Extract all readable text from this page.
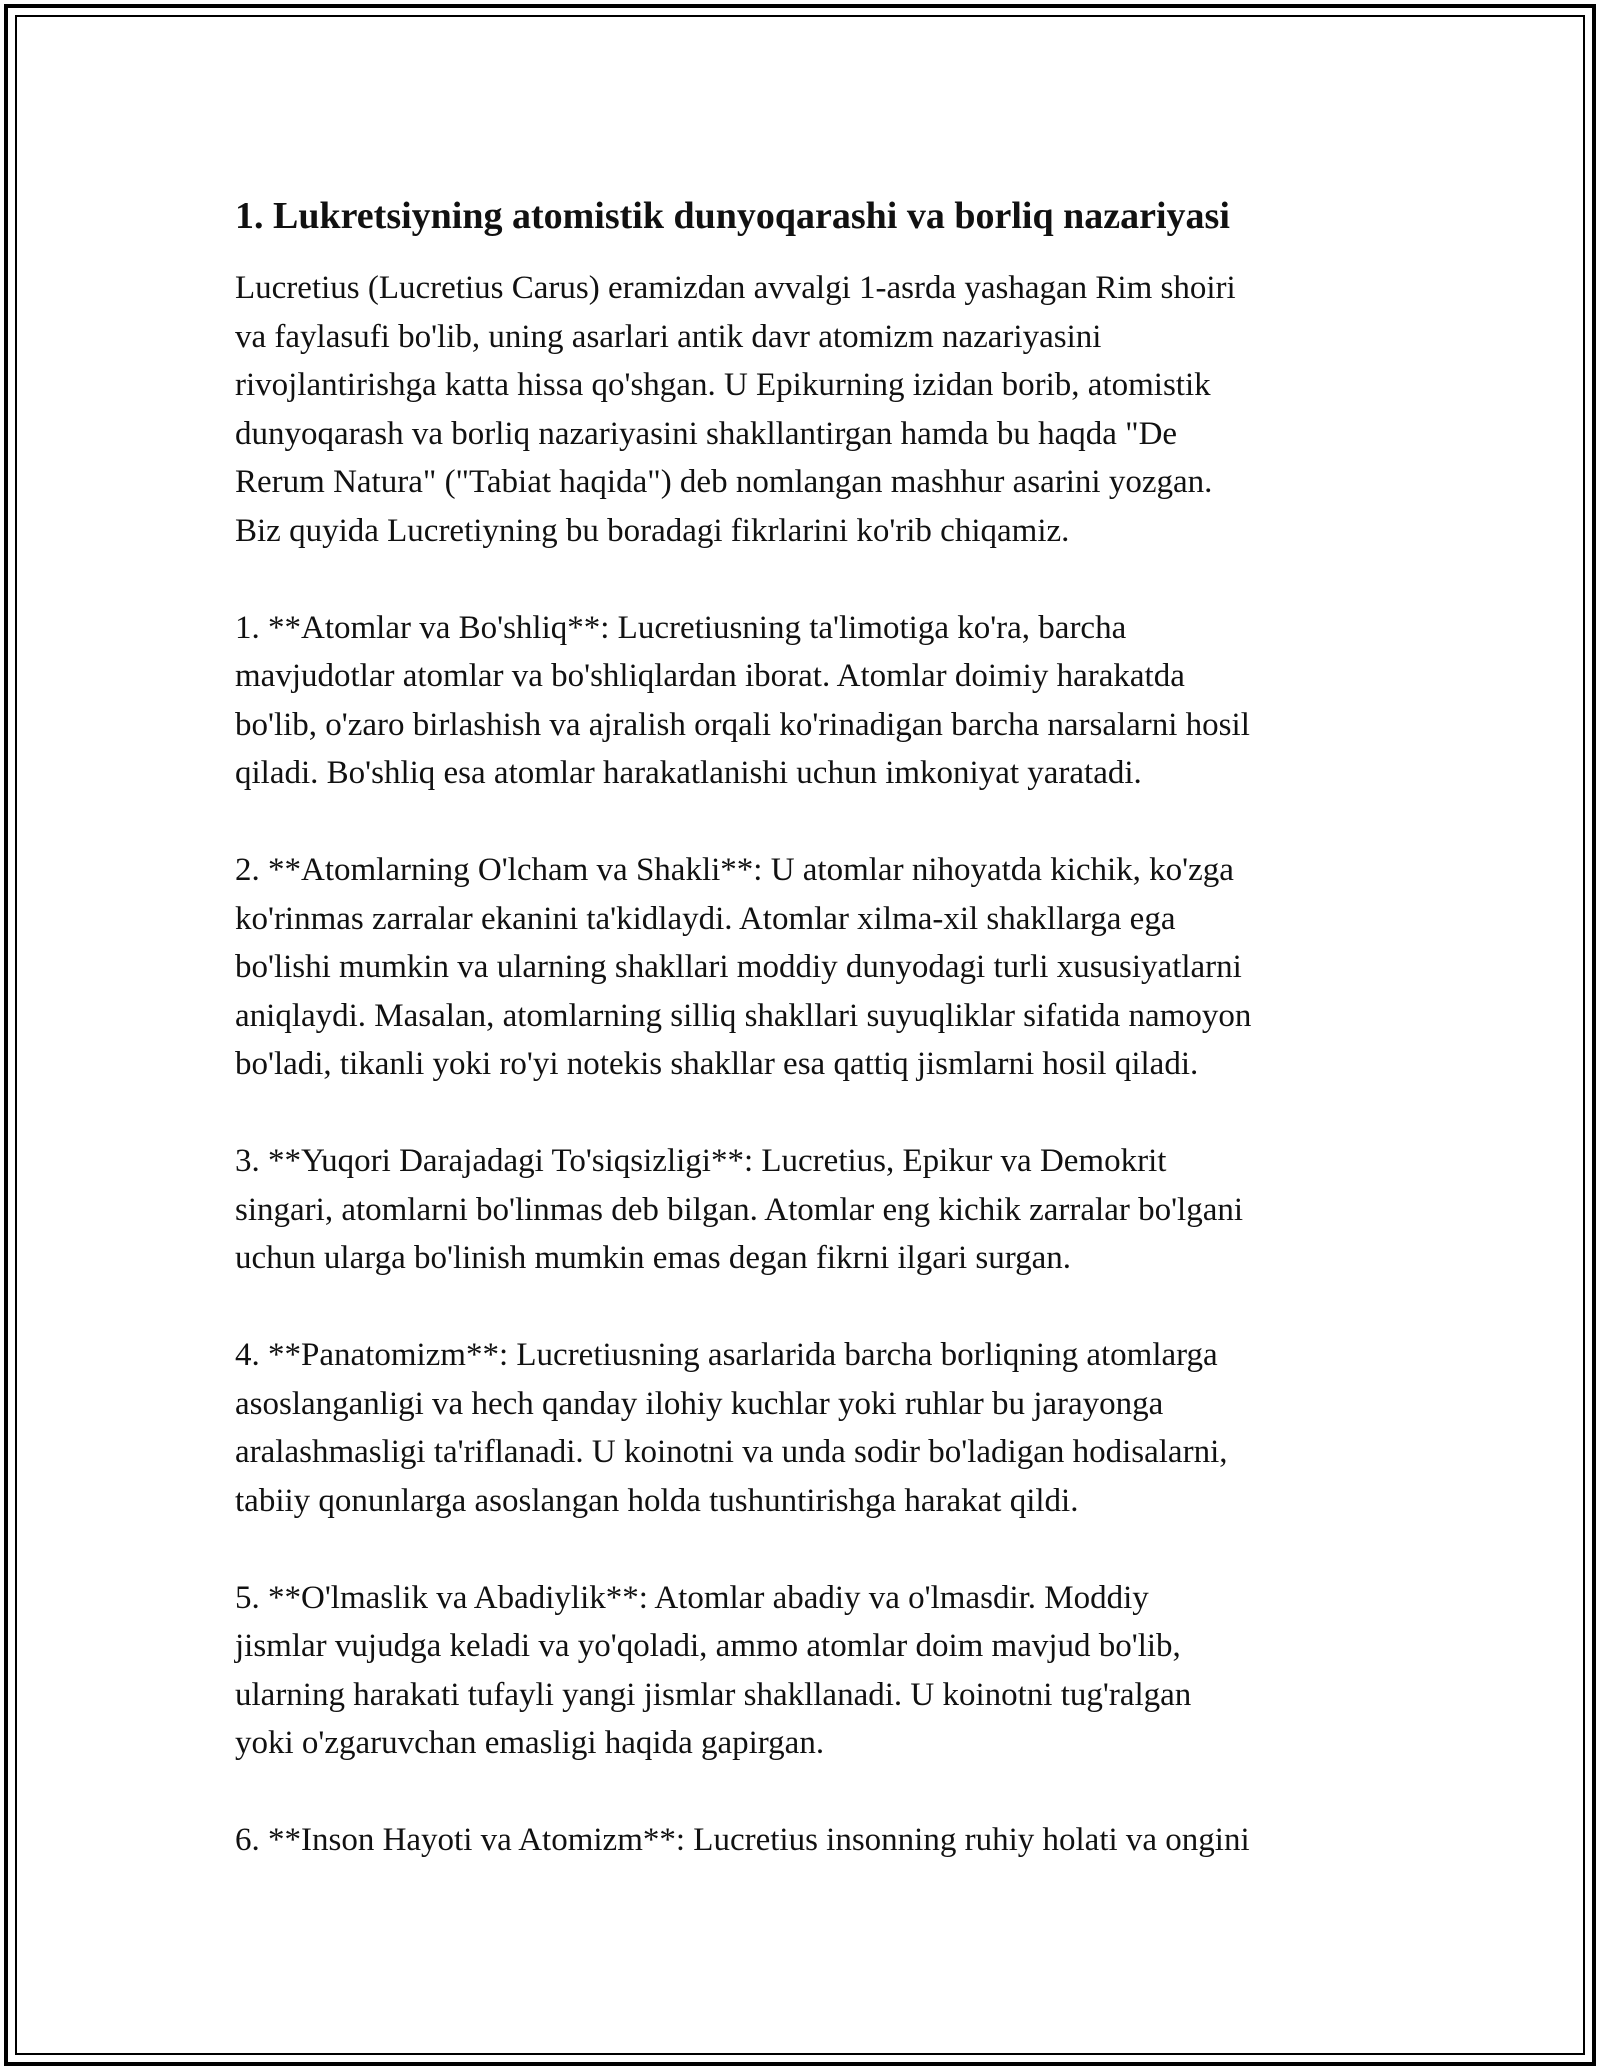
1. Lukretsiyning atomistik dunyoqarashi va borliq nazariyasi
Lucretius (Lucretius Carus) eramizdan avvalgi 1-asrda yashagan Rim shoiri
va faylasufi bo'lib, uning asarlari antik davr atomizm nazariyasini
rivojlantirishga katta hissa qo'shgan. U Epikurning izidan borib, atomistik
dunyoqarash va borliq nazariyasini shakllantirgan hamda bu haqda "De
Rerum Natura" ("Tabiat haqida") deb nomlangan mashhur asarini yozgan.
Biz quyida Lucretiyning bu boradagi fikrlarini ko'rib chiqamiz.
1. **Atomlar va Bo'shliq**: Lucretiusning ta'limotiga ko'ra, barcha
mavjudotlar atomlar va bo'shliqlardan iborat. Atomlar doimiy harakatda
bo'lib, o'zaro birlashish va ajralish orqali ko'rinadigan barcha narsalarni hosil
qiladi. Bo'shliq esa atomlar harakatlanishi uchun imkoniyat yaratadi.
2. **Atomlarning O'lcham va Shakli**: U atomlar nihoyatda kichik, ko'zga
ko'rinmas zarralar ekanini ta'kidlaydi. Atomlar xilma-xil shakllarga ega
bo'lishi mumkin va ularning shakllari moddiy dunyodagi turli xususiyatlarni
aniqlaydi. Masalan, atomlarning silliq shakllari suyuqliklar sifatida namoyon
bo'ladi, tikanli yoki ro'yi notekis shakllar esa qattiq jismlarni hosil qiladi.
3. **Yuqori Darajadagi To'siqsizligi**: Lucretius, Epikur va Demokrit
singari, atomlarni bo'linmas deb bilgan. Atomlar eng kichik zarralar bo'lgani
uchun ularga bo'linish mumkin emas degan fikrni ilgari surgan.
4. **Panatomizm**: Lucretiusning asarlarida barcha borliqning atomlarga
asoslanganligi va hech qanday ilohiy kuchlar yoki ruhlar bu jarayonga
aralashmasligi ta'riflanadi. U koinotni va unda sodir bo'ladigan hodisalarni,
tabiiy qonunlarga asoslangan holda tushuntirishga harakat qildi.
5. **O'lmaslik va Abadiylik**: Atomlar abadiy va o'lmasdir. Moddiy
jismlar vujudga keladi va yo'qoladi, ammo atomlar doim mavjud bo'lib,
ularning harakati tufayli yangi jismlar shakllanadi. U koinotni tug'ralgan
yoki o'zgaruvchan emasligi haqida gapirgan.
6. **Inson Hayoti va Atomizm**: Lucretius insonning ruhiy holati va ongini
